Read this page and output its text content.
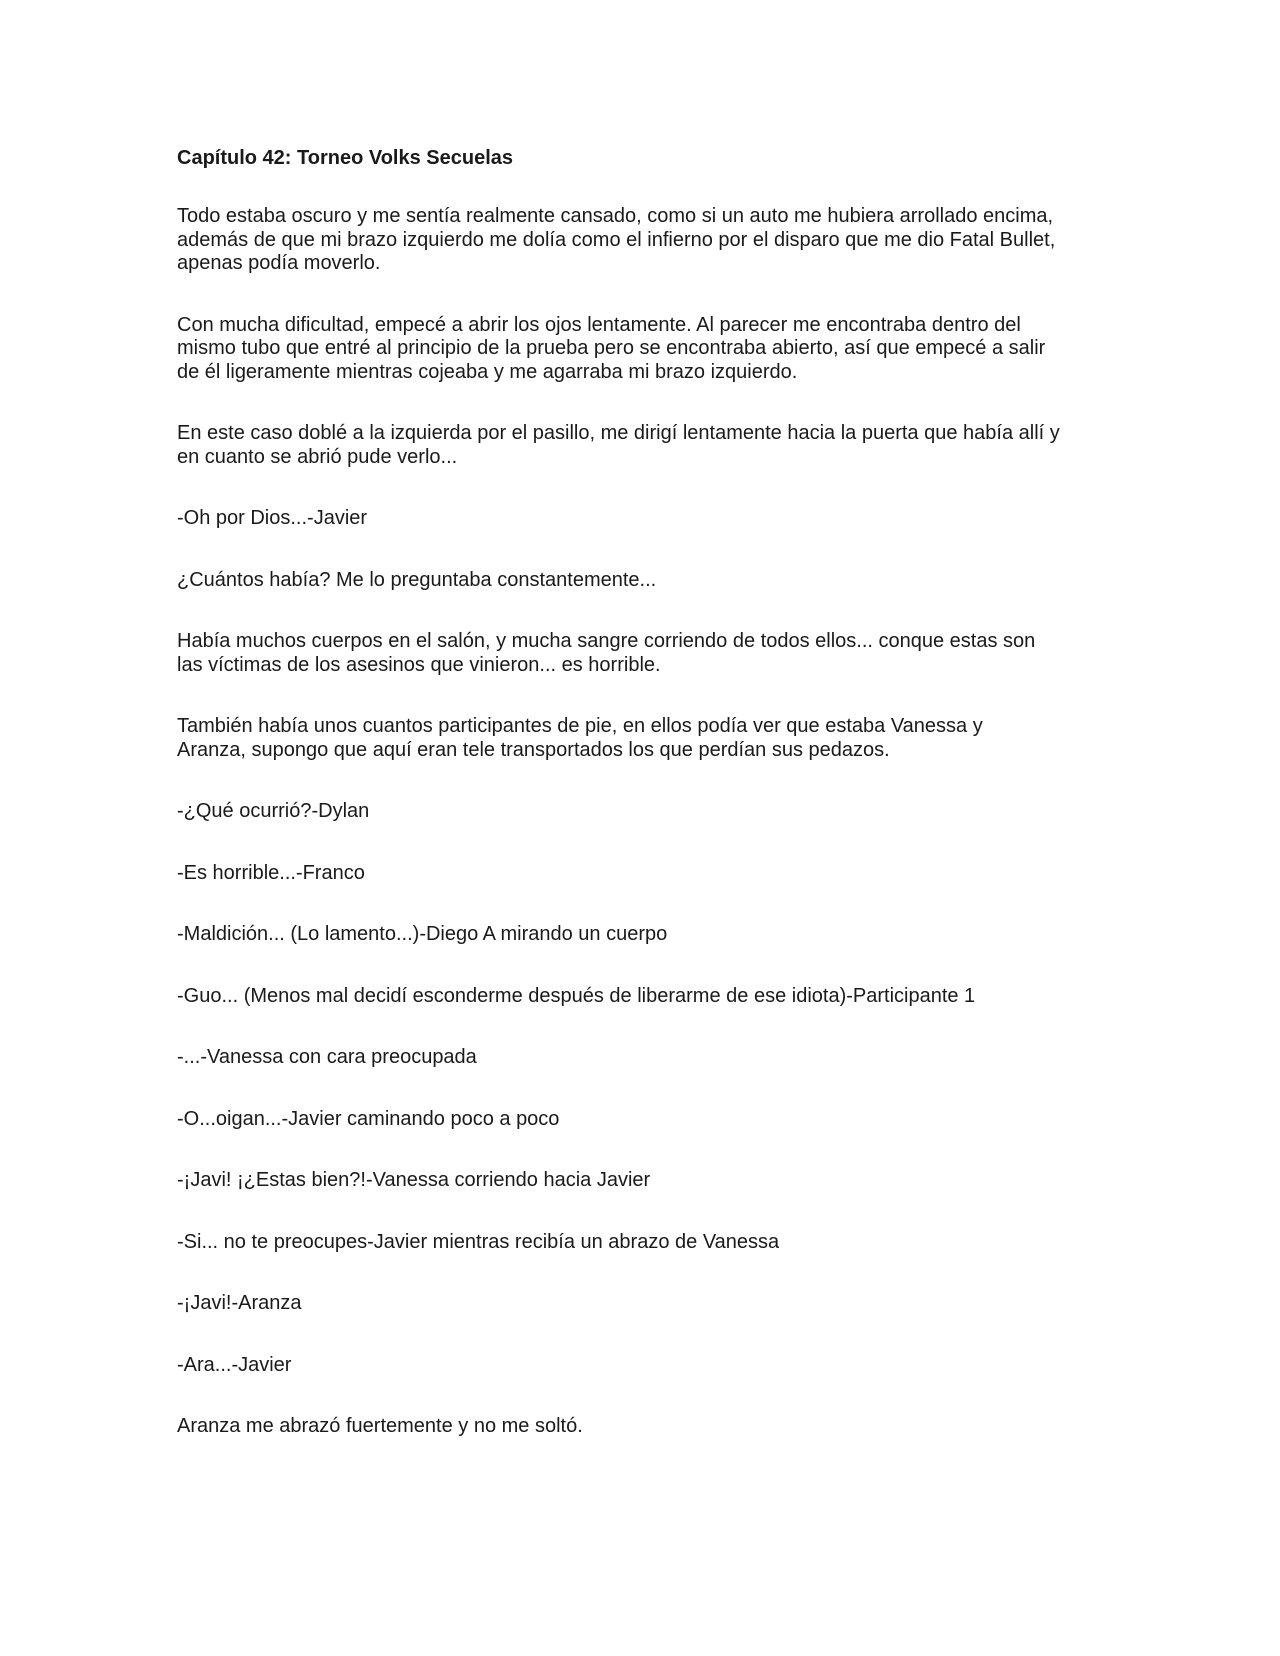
Capítulo 42: Torneo Volks Secuelas
Todo estaba oscuro y me sentía realmente cansado, como si un auto me hubiera arrollado encima,
además de que mi brazo izquierdo me dolía como el infierno por el disparo que me dio Fatal Bullet,
apenas podía moverlo.
Con mucha dificultad, empecé a abrir los ojos lentamente. Al parecer me encontraba dentro del
mismo tubo que entré al principio de la prueba pero se encontraba abierto, así que empecé a salir
de él ligeramente mientras cojeaba y me agarraba mi brazo izquierdo.
En este caso doblé a la izquierda por el pasillo, me dirigí lentamente hacia la puerta que había allí y
en cuanto se abrió pude verlo...
-Oh por Dios...-Javier
¿Cuántos había? Me lo preguntaba constantemente...
Había muchos cuerpos en el salón, y mucha sangre corriendo de todos ellos... conque estas son
las víctimas de los asesinos que vinieron... es horrible.
También había unos cuantos participantes de pie, en ellos podía ver que estaba Vanessa y
Aranza, supongo que aquí eran tele transportados los que perdían sus pedazos.
-¿Qué ocurrió?-Dylan
-Es horrible...-Franco
-Maldición... (Lo lamento...)-Diego A mirando un cuerpo
-Guo... (Menos mal decidí esconderme después de liberarme de ese idiota)-Participante 1
-...-Vanessa con cara preocupada
-O...oigan...-Javier caminando poco a poco
-¡Javi! ¡¿Estas bien?!-Vanessa corriendo hacia Javier
-Si... no te preocupes-Javier mientras recibía un abrazo de Vanessa
-¡Javi!-Aranza
-Ara...-Javier
Aranza me abrazó fuertemente y no me soltó.
